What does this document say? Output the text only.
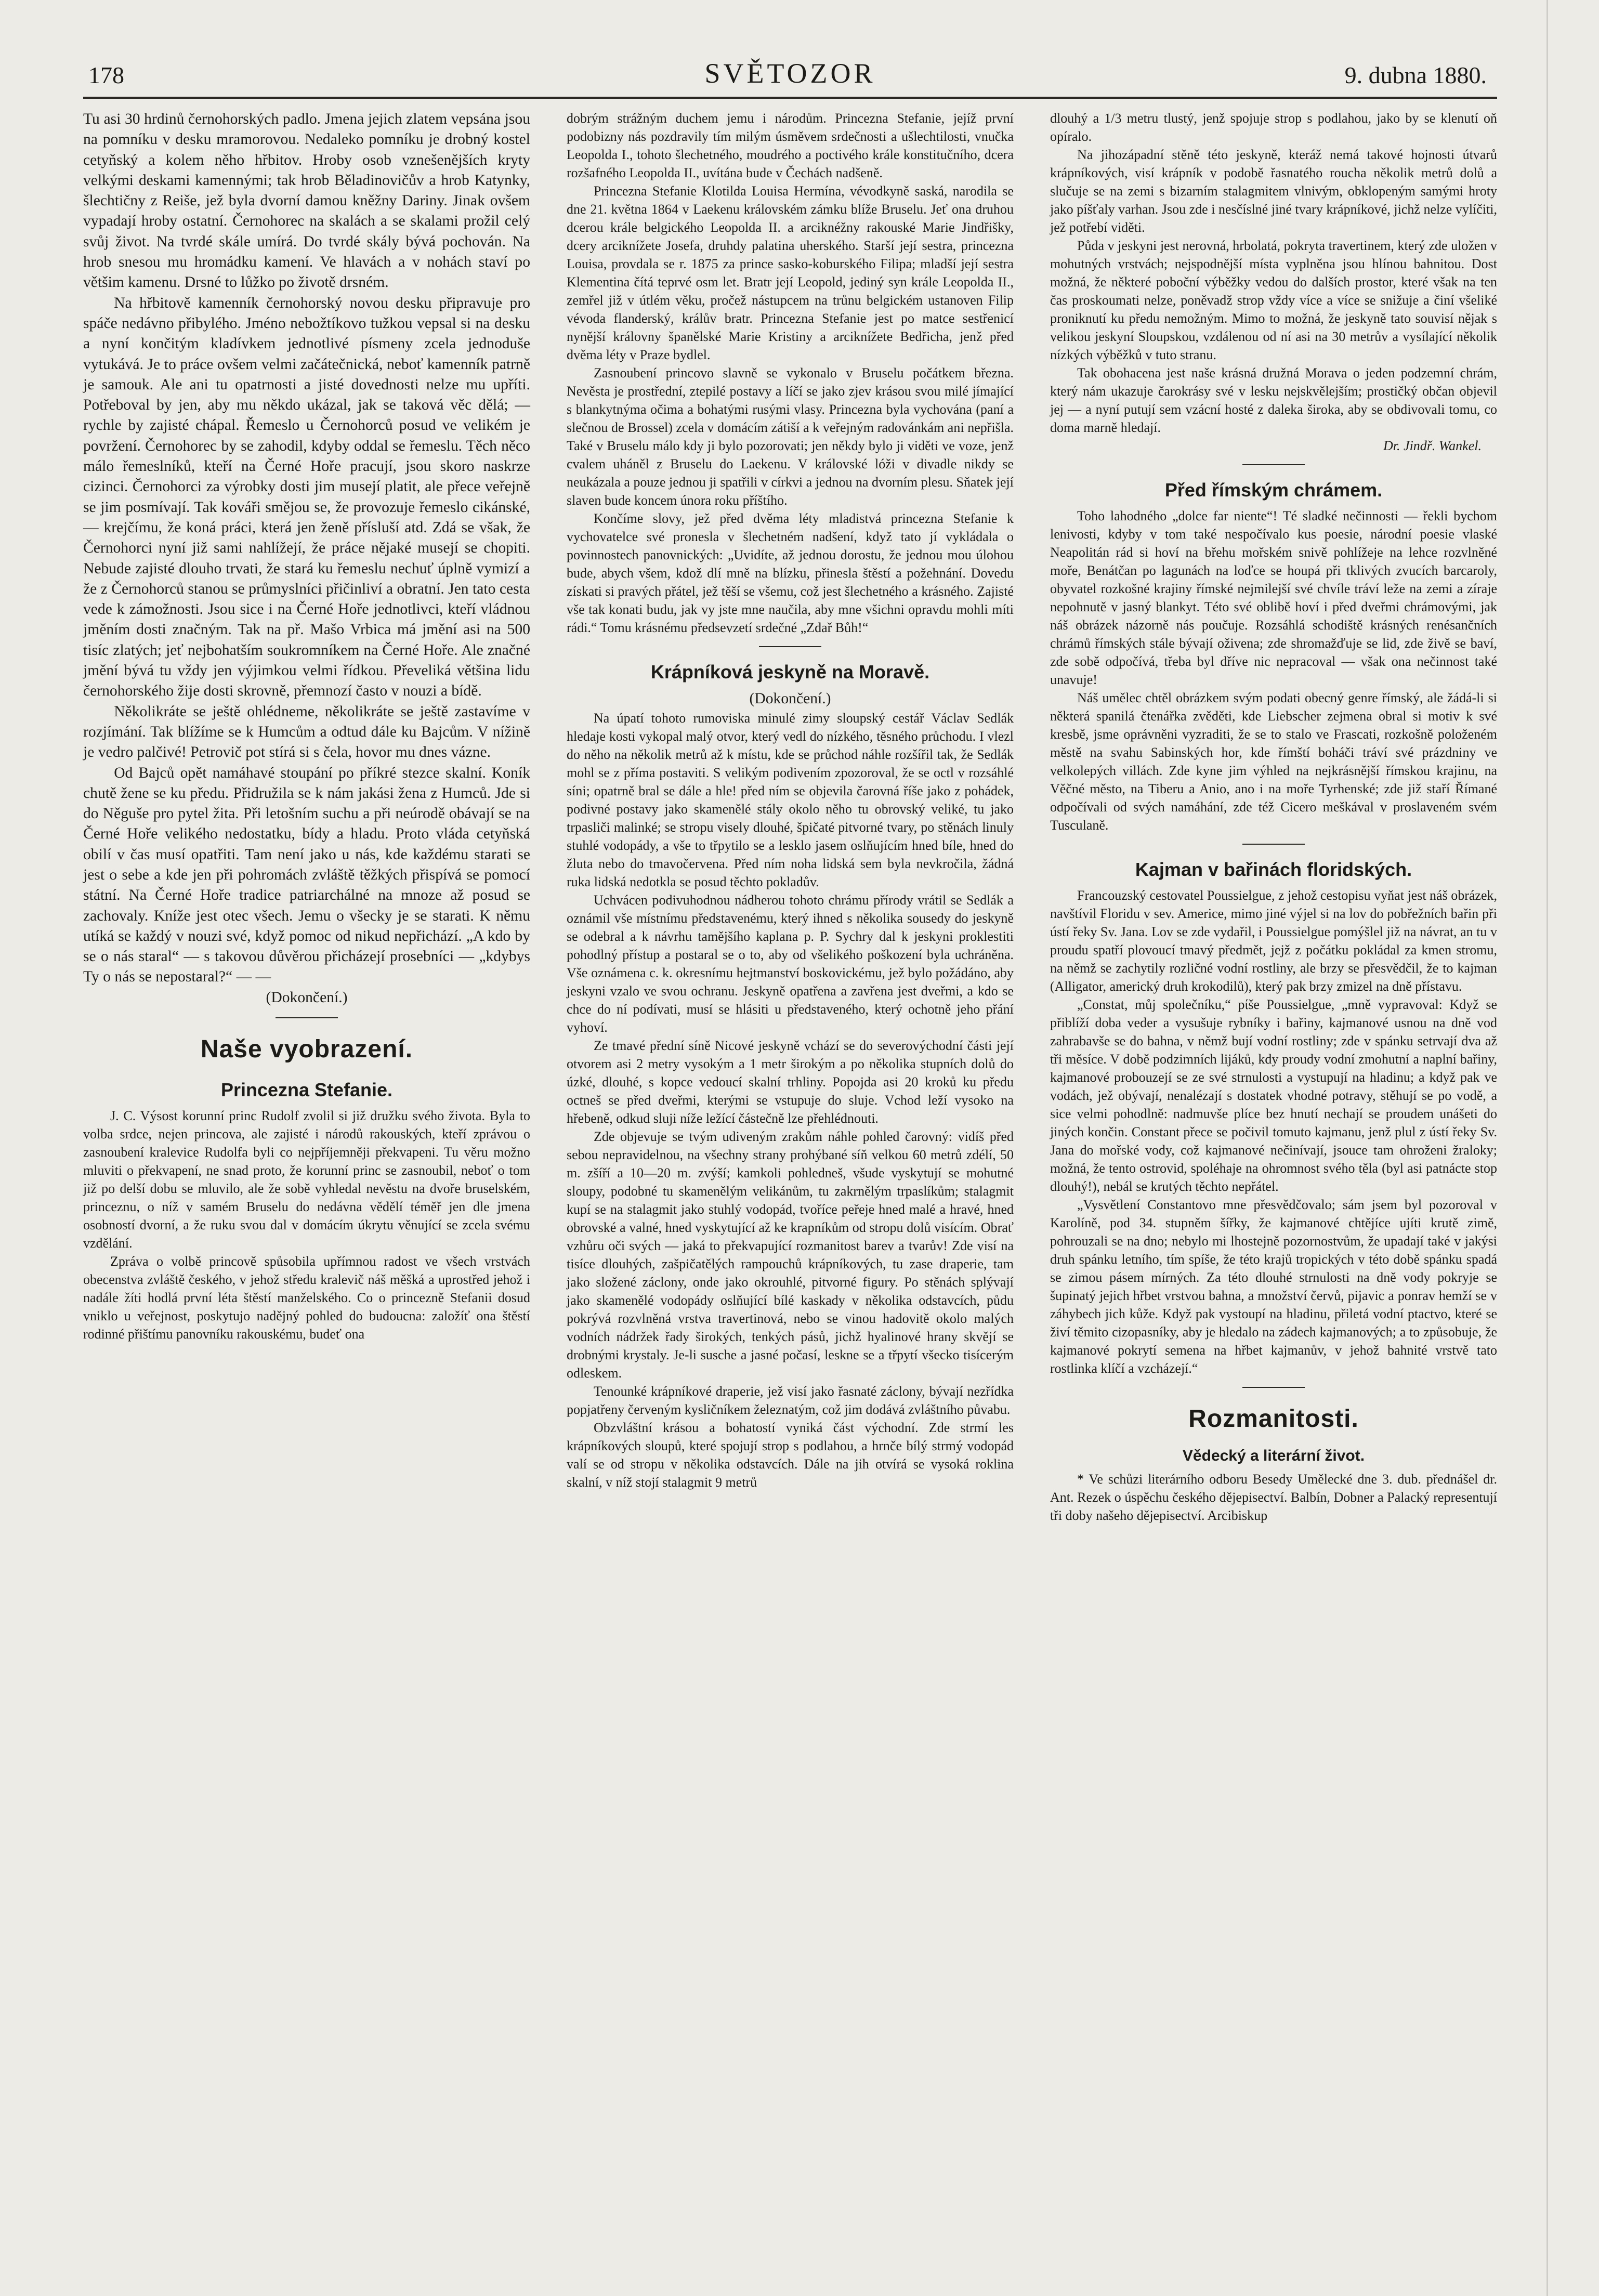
178	SVĚTOZOR	9. dubna 1880.

Tu asi 30 hrdinů černohorských padlo. Jmena jejich zlatem vepsána jsou na pomníku v desku mramorovou. Nedaleko pomníku je drobný kostel cetyňský a kolem něho hřbitov. Hroby osob vznešenějších kryty velkými deskami kamennými; tak hrob Běladinovičův a hrob Katynky, šlechtičny z Reiše, jež byla dvorní damou kněžny Dariny. Jinak ovšem vypadají hroby ostatní. Černohorec na skalách a se skalami prožil celý svůj život. Na tvrdé skále umírá. Do tvrdé skály bývá pochován. Na hrob snesou mu hromádku kamení. Ve hlavách a v nohách staví po většim kamenu. Drsné to lůžko po životě drsném.

Na hřbitově kamenník černohorský novou desku připravuje pro spáče nedávno přibylého. Jméno nebožtíkovo tužkou vepsal si na desku a nyní končitým kladívkem jednotlivé písmeny zcela jednoduše vytukává. Je to práce ovšem velmi začátečnická, neboť kamenník patrně je samouk. Ale ani tu opatrnosti a jisté dovednosti nelze mu upříti. Potřeboval by jen, aby mu někdo ukázal, jak se taková věc dělá; — rychle by zajisté chápal. Řemeslo u Černohorců posud ve velikém je povržení. Černohorec by se zahodil, kdyby oddal se řemeslu. Těch něco málo řemeslníků, kteří na Černé Hoře pracují, jsou skoro naskrze cizinci. Černohorci za výrobky dosti jim musejí platit, ale přece veřejně se jim posmívají. Tak kováři smějou se, že provozuje řemeslo cikánské, — krejčímu, že koná práci, která jen ženě přísluší atd. Zdá se však, že Černohorci nyní již sami nahlížejí, že práce nějaké musejí se chopiti. Nebude zajisté dlouho trvati, že stará ku řemeslu nechuť úplně vymizí a že z Černohorců stanou se průmyslníci přičinliví a obratní. Jen tato cesta vede k zámožnosti. Jsou sice i na Černé Hoře jednotlivci, kteří vládnou jměním dosti značným. Tak na př. Mašo Vrbica má jmění asi na 500 tisíc zlatých; jeť nejbohatším soukromníkem na Černé Hoře. Ale značné jmění bývá tu vždy jen výjimkou velmi řídkou. Převeliká většina lidu černohorského žije dosti skrovně, přemnozí často v nouzi a bídě.

Několikráte se ještě ohlédneme, několikráte se ještě zastavíme v rozjímání. Tak blížíme se k Humcům a odtud dále ku Bajcům. V nížině je vedro palčivé! Petrovič pot stírá si s čela, hovor mu dnes vázne.

Od Bajců opět namáhavé stoupání po příkré stezce skalní. Koník chutě žene se ku předu. Přidružila se k nám jakási žena z Humců. Jde si do Něguše pro pytel žita. Při letošním suchu a při neúrodě obávají se na Černé Hoře velikého nedostatku, bídy a hladu. Proto vláda cetyňská obilí v čas musí opatřiti. Tam není jako u nás, kde každému starati se jest o sebe a kde jen při pohromách zvláště těžkých přispívá se pomocí státní. Na Černé Hoře tradice patriarchálné na mnoze až posud se zachovaly. Kníže jest otec všech. Jemu o všecky je se starati. K němu utíká se každý v nouzi své, když pomoc od nikud nepřichází. „A kdo by se o nás staral“ — s takovou důvěrou přicházejí prosebníci — „kdybys Ty o nás se nepostaral?“ — —

(Dokončení.)

Naše vyobrazení.
Princezna Stefanie.

J. C. Výsost korunní princ Rudolf zvolil si již družku svého života. Byla to volba srdce, nejen princova, ale zajisté i národů rakouských, kteří zprávou o zasnoubení kralevice Rudolfa byli co nejpříjemněji překvapeni. Tu věru možno mluviti o překvapení, ne snad proto, že korunní princ se zasnoubil, neboť o tom již po delší dobu se mluvilo, ale že sobě vyhledal nevěstu na dvoře bruselském, princeznu, o níž v samém Bruselu do nedávna vědělí téměř jen dle jmena osobností dvorní, a že ruku svou dal v domácím úkrytu věnující se zcela svému vzdělání.

Zpráva o volbě princově spůsobila upřímnou radost ve všech vrstvách obecenstva zvláště českého, v jehož středu kralevič náš měšká a uprostřed jehož i nadále žíti hodlá první léta štěstí manželského. Co o princezně Stefanii dosud vniklo u veřejnost, poskytujo nadějný pohled do budoucna: založíť ona štěstí rodinné přištímu panovníku rakouskému, budeť ona

dobrým strážným duchem jemu i národům. Princezna Stefanie, jejíž první podobizny nás pozdravily tím milým úsměvem srdečnosti a ušlechtilosti, vnučka Leopolda I., tohoto šlechetného, moudrého a poctivého krále konstitučního, dcera rozšafného Leopolda II., uvítána bude v Čechách nadšeně.

Princezna Stefanie Klotilda Louisa Hermína, vévodkyně saská, narodila se dne 21. května 1864 v Laekenu královském zámku blíže Bruselu. Jeť ona druhou dcerou krále belgického Leopolda II. a arciknéžny rakouské Marie Jindřišky, dcery arciknížete Josefa, druhdy palatina uherského. Starší její sestra, princezna Louisa, provdala se r. 1875 za prince sasko-koburského Filipa; mladší její sestra Klementina čítá teprvé osm let. Bratr její Leopold, jediný syn krále Leopolda II., zemřel již v útlém věku, pročež nástupcem na trůnu belgickém ustanoven Filip vévoda flanderský, králův bratr. Princezna Stefanie jest po matce sestřenicí nynější královny španělské Marie Kristiny a arciknížete Bedřicha, jenž před dvěma léty v Praze bydlel.

Zasnoubení princovo slavně se vykonalo v Bruselu počátkem března. Nevěsta je prostřední, ztepilé postavy a líčí se jako zjev krásou svou milé jímající s blankytnýma očima a bohatými rusými vlasy. Princezna byla vychována (paní a slečnou de Brossel) zcela v domácím zátiší a k veřejným radovánkám ani nepřišla. Také v Bruselu málo kdy ji bylo pozorovati; jen někdy bylo ji viděti ve voze, jenž cvalem uháněl z Bruselu do Laekenu. V královské lóži v divadle nikdy se neukázala a pouze jednou ji spatřili v církvi a jednou na dvorním plesu. Sňatek její slaven bude koncem února roku příštího.

Končíme slovy, jež před dvěma léty mladistvá princezna Stefanie k vychovatelce své pronesla v šlechetném nadšení, když tato jí vykládala o povinnostech panovnických: „Uvidíte, až jednou dorostu, že jednou mou úlohou bude, abych všem, kdož dlí mně na blízku, přinesla štěstí a požehnání. Dovedu získati si pravých přátel, jež těší se všemu, což jest šlechetného a krásného. Zajisté vše tak konati budu, jak vy jste mne naučila, aby mne všichni opravdu mohli míti rádi.“ Tomu krásnému předsevzetí srdečné „Zdař Bůh!“

Krápníková jeskyně na Moravě.

(Dokončení.)

Na úpatí tohoto rumoviska minulé zimy sloupský cestář Václav Sedlák hledaje kosti vykopal malý otvor, který vedl do nízkého, těsného průchodu. I vlezl do něho na několik metrů až k místu, kde se průchod náhle rozšířil tak, že Sedlák mohl se z příma postaviti. S velikým podivením zpozoroval, že se octl v rozsáhlé síni; opatrně bral se dále a hle! před ním se objevila čarovná říše jako z pohádek, podivné postavy jako skamenělé stály okolo něho tu obrovský veliké, tu jako trpasliči malinké; se stropu visely dlouhé, špičaté pitvorné tvary, po stěnách linuly stuhlé vodopády, a vše to třpytilo se a lesklo jasem oslňujícím hned bíle, hned do žluta nebo do tmavočervena. Před ním noha lidská sem byla nevkročila, žádná ruka lidská nedotkla se posud těchto pokladův.

Uchvácen podivuhodnou nádherou tohoto chrámu přírody vrátil se Sedlák a oznámil vše místnímu představenému, který ihned s několika sousedy do jeskyně se odebral a k návrhu tamějšího kaplana p. P. Sychry dal k jeskyni proklestiti pohodlný přístup a postaral se o to, aby od všelikého poškození byla uchráněna. Vše oznámena c. k. okresnímu hejtmanství boskovickému, jež bylo požádáno, aby jeskyni vzalo ve svou ochranu. Jeskyně opatřena a zavřena jest dveřmi, a kdo se chce do ní podívati, musí se hlásiti u představeného, který ochotně jeho přání vyhoví.

Ze tmavé přední síně Nicové jeskyně vchází se do severovýchodní části její otvorem asi 2 metry vysokým a 1 metr širokým a po několika stupních dolů do úzké, dlouhé, s kopce vedoucí skalní trhliny. Popojda asi 20 kroků ku předu octneš se před dveřmi, kterými se vstupuje do sluje. Vchod leží vysoko na hřebeně, odkud sluji níže ležící částečně lze přehlédnouti.

Zde objevuje se tvým udiveným zrakům náhle pohled čarovný: vidíš před sebou nepravidelnou, na všechny strany prohýbané síň velkou 60 metrů zdélí, 50 m. zšíří a 10—20 m. zvýší; kamkoli pohledneš, všude vyskytují se mohutné sloupy, podobné tu skamenělým velikánům, tu zakrnělým trpaslíkům; stalagmit kupí se na stalagmit jako stuhlý vodopád, tvoříce peřeje hned malé a hravé, hned obrovské a valné, hned vyskytující až ke krapníkům od stropu dolů visícím. Obrať vzhůru oči svých — jaká to překvapující rozmanitost barev a tvarův! Zde visí na tisíce dlouhých, zašpičatělých rampouchů krápníkových, tu zase draperie, tam jako složené záclony, onde jako okrouhlé, pitvorné figury. Po stěnách splývají jako skamenělé vodopády oslňující bílé kaskady v několika odstavcích, půdu pokrývá rozvlněná vrstva travertinová, nebo se vinou hadovitě okolo malých vodních nádržek řady širokých, tenkých pásů, jichž hyalinové hrany skvějí se drobnými krystaly. Je-li susche a jasné počasí, leskne se a třpytí všecko tisícerým odleskem.

Tenounké krápníkové draperie, jež visí jako řasnaté záclony, bývají nezřídka popjatřeny červeným kysličníkem železnatým, což jim dodává zvláštního půvabu.

Obzvláštní krásou a bohatostí vyniká část východní. Zde strmí les krápníkových sloupů, které spojují strop s podlahou, a hrnče bílý strmý vodopád valí se od stropu v několika odstavcích. Dále na jih otvírá se vysoká roklina skalní, v níž stojí stalagmit 9 metrů

dlouhý a 1/3 metru tlustý, jenž spojuje strop s podlahou, jako by se klenutí oň opíralo.

Na jihozápadní stěně této jeskyně, kteráž nemá takové hojnosti útvarů krápníkových, visí krápník v podobě řasnatého roucha několik metrů dolů a slučuje se na zemi s bizarním stalagmitem vlnivým, obklopeným samými hroty jako píšťaly varhan. Jsou zde i nesčíslné jiné tvary krápníkové, jichž nelze vylíčiti, jež potřebí viděti.

Půda v jeskyni jest nerovná, hrbolatá, pokryta travertinem, který zde uložen v mohutných vrstvách; nejspodnější místa vyplněna jsou hlínou bahnitou. Dost možná, že některé poboční výběžky vedou do dalších prostor, které však na ten čas proskoumati nelze, poněvadž strop vždy více a více se snižuje a činí všeliké proniknutí ku předu nemožným. Mimo to možná, že jeskyně tato souvisí nějak s velikou jeskyní Sloupskou, vzdálenou od ní asi na 30 metrův a vysílající několik nízkých výběžků v tuto stranu.

Tak obohacena jest naše krásná družná Morava o jeden podzemní chrám, který nám ukazuje čarokrásy své v lesku nejskvělejším; prostičký občan objevil jej — a nyní putují sem vzácní hosté z daleka široka, aby se obdivovali tomu, co doma marně hledají.

Dr. Jindř. Wankel.

Před římským chrámem.

Toho lahodného „dolce far niente“! Té sladké nečinnosti — řekli bychom lenivosti, kdyby v tom také nespočívalo kus poesie, národní poesie vlaské Neapolitán rád si hoví na břehu mořském snivě pohlížeje na lehce rozvlněné moře, Benátčan po lagunách na loďce se houpá při tklivých zvucích barcaroly, obyvatel rozkošné krajiny římské nejmilejší své chvíle tráví leže na zemi a zíraje nepohnutě v jasný blankyt. Této své oblibě hoví i před dveřmi chrámovými, jak náš obrázek názorně nás poučuje. Rozsáhlá schodiště krásných renésančních chrámů římských stále bývají oživena; zde shromažďuje se lid, zde živě se baví, zde sobě odpočívá, třeba byl dříve nic nepracoval — však ona nečinnost také unavuje!

Náš umělec chtěl obrázkem svým podati obecný genre římský, ale žádá-li si některá spanilá čtenářka zvěděti, kde Liebscher zejmena obral si motiv k své kresbě, jsme oprávněni vyzraditi, že se to stalo ve Frascati, rozkošně položeném městě na svahu Sabinských hor, kde římští boháči tráví své prázdniny ve velkolepých villách. Zde kyne jim výhled na nejkrásnější římskou krajinu, na Věčné město, na Tiberu a Anio, ano i na moře Tyrhenské; zde již staří Římané odpočívali od svých namáhání, zde též Cicero meškával v proslaveném svém Tusculaně.

Kajman v bařinách floridských.

Francouzský cestovatel Poussielgue, z jehož cestopisu vyňat jest náš obrázek, navštívil Floridu v sev. Americe, mimo jiné výjel si na lov do pobřežních bařin při ústí řeky Sv. Jana. Lov se zde vydařil, i Poussielgue pomýšlel již na návrat, an tu v proudu spatří plovoucí tmavý předmět, jejž z počátku pokládal za kmen stromu, na němž se zachytily rozličné vodní rostliny, ale brzy se přesvědčil, že to kajman (Alligator, americký druh krokodilů), který pak brzy zmizel na dně přístavu.

„Constat, můj společníku,“ pίše Poussielgue, „mně vypravoval: Když se přiblíží doba veder a vysušuje rybníky i bařiny, kajmanové usnou na dně vod zahrabavše se do bahna, v němž bují vodní rostliny; zde v spánku setrvají dva až tři měsíce. V době podzimních lijáků, kdy proudy vodní zmohutní a naplní bařiny, kajmanové probouzejí se ze své strnulosti a vystupují na hladinu; a když pak ve vodách, jež obývají, nenalézají s dostatek vhodné potravy, stěhují se po vodě, a sice velmi pohodlně: nadmuvše plíce bez hnutí nechají se proudem unášeti do jiných končin. Constant přece se počivil tomuto kajmanu, jenž plul z ústí řeky Sv. Jana do mořské vody, což kajmanové nečinívají, jsouce tam ohroženi žraloky; možná, že tento ostrovid, spoléhaje na ohromnost svého těla (byl asi patnácte stop dlouhý!), nebál se krutých těchto nepřátel.

„Vysvětlení Constantovo mne přesvědčovalo; sám jsem byl pozoroval v Karolíně, pod 34. stupněm šířky, že kajmanové chtějíce ujíti krutě zimě, pohrouzali se na dno; nebylo mi lhostejně pozornostvům, že upadají také v jakýsi druh spánku letního, tím spíše, že této krajů tropických v této době spánku spadá se zimou pásem mírných. Za této dlouhé strnulosti na dně vody pokryje se šupinatý jejich hřbet vrstvou bahna, a množství červů, pijavic a ponrav hemží se v záhybech jich kůže. Když pak vystoupí na hladinu, přiletá vodní ptactvo, které se živí těmito cizopasníky, aby je hledalo na zádech kajmanových; a to způsobuje, že kajmanové pokrytí semena na hřbet kajmanův, v jehož bahnité vrstvě tato rostlinka klíčí a vzcházejí.“

Rozmanitosti.
Vědecký a literární život.

* Ve schůzi literárního odboru Besedy Umělecké dne 3. dub. přednášel dr. Ant. Rezek o úspěchu českého dějepisectví. Balbín, Dobner a Palacký representují tři doby našeho dějepisectví. Arcibiskup
